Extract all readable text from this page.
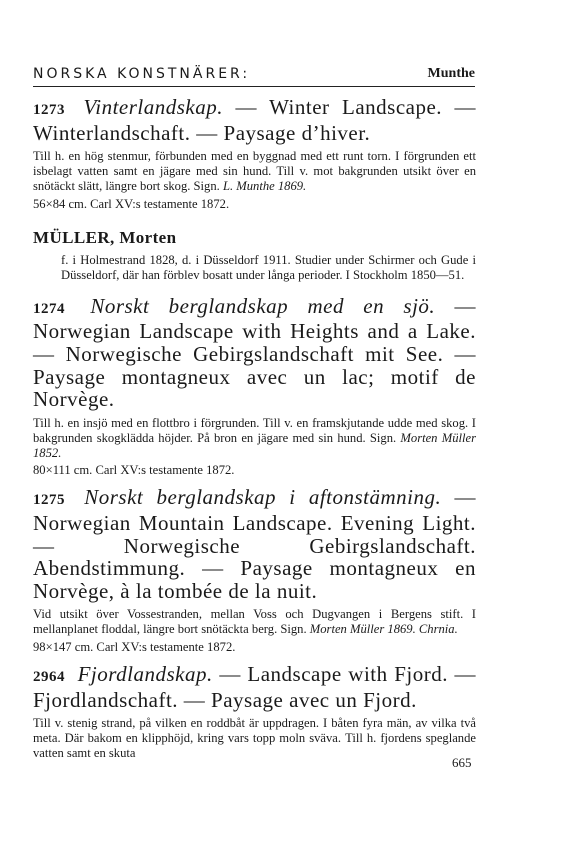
NORSKA KONSTNÄRER:	Munthe

1273 Vinterlandskap. — Winter Landscape. — Winterlandschaft. — Paysage d’hiver.

Till h. en hög stenmur, förbunden med en byggnad med ett runt torn. I förgrunden ett isbelagt vatten samt en jägare med sin hund. Till v. mot bakgrunden utsikt över en snötäckt slätt, längre bort skog. Sign. L. Munthe 1869.

56×84 cm. Carl XV:s testamente 1872.

MÜLLER, Morten

f. i Holmestrand 1828, d. i Düsseldorf 1911. Studier under Schirmer och Gude i Düsseldorf, där han förblev bosatt under långa perioder. I Stockholm 1850—51.

1274 Norskt berglandskap med en sjö. — Norwegian Landscape with Heights and a Lake. — Norwegische Gebirgslandschaft mit See. — Paysage montagneux avec un lac; motif de Norvège.

Till h. en insjö med en flottbro i förgrunden. Till v. en framskjutande udde med skog. I bakgrunden skogklädda höjder. På bron en jägare med sin hund. Sign. Morten Müller 1852.

80×111 cm. Carl XV:s testamente 1872.

1275 Norskt berglandskap i aftonstämning. — Norwegian Mountain Landscape. Evening Light. — Norwegische Gebirgslandschaft. Abendstimmung. — Paysage montagneux en Norvège, à la tombée de la nuit.

Vid utsikt över Vossestranden, mellan Voss och Dugvangen i Bergens stift. I mellanplanet floddal, längre bort snötäckta berg. Sign. Morten Müller 1869. Chrnia.

98×147 cm. Carl XV:s testamente 1872.

2964 Fjordlandskap. — Landscape with Fjord. — Fjordlandschaft. — Paysage avec un Fjord.

Till v. stenig strand, på vilken en roddbåt är uppdragen. I båten fyra män, av vilka två meta. Där bakom en klipphöjd, kring vars topp moln svävа. Till h. fjordens speglande vatten samt en skuta

665
